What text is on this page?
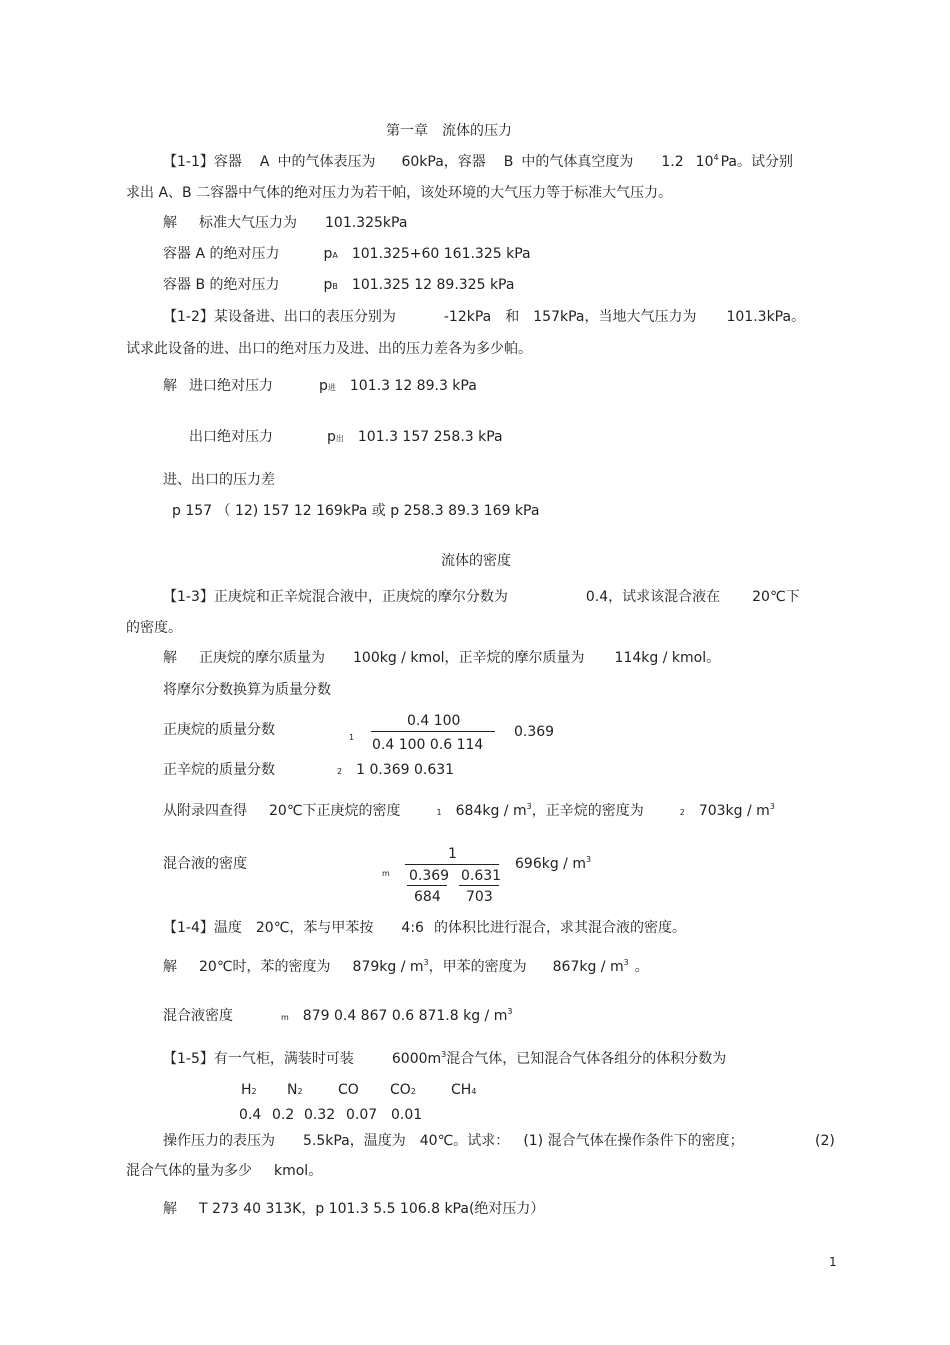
第一章　流体的压力
【1-1】容器 A 中的气体表压为 60kPa，容器 B 中的气体真空度为 1.2 $10^4$ Pa。试分别
求出 A、B 二容器中气体的绝对压力为若干帕，该处环境的大气压力等于标准大气压力。
解 标准大气压力为 101.325kPa
容器 A 的绝对压力	pA 101.325+60 161.325 kPa
容器 B 的绝对压力	pB 101.325 12 89.325 kPa
【1-2】某设备进、出口的表压分别为	-12kPa 和 157kPa，当地大气压力为 101.3kPa。
试求此设备的进、出口的绝对压力及进、出的压力差各为多少帕。
解 进口绝对压力	p进 101.3 12 89.3 kPa
出口绝对压力	p出 101.3 157 258.3 kPa
进、出口的压力差
p 157 （ 12) 157 12 169kPa 或 p 258.3 89.3 169 kPa
流体的密度
【1-3】正庚烷和正辛烷混合液中，正庚烷的摩尔分数为	0.4，试求该混合液在 20℃下
的密度。
解 正庚烷的摩尔质量为 100kg / kmol，正辛烷的摩尔质量为 114kg / kmol。
将摩尔分数换算为质量分数
正庚烷的质量分数	1
0.4 100
0.4 100 0.6 114
0.369
正辛烷的质量分数	2 1 0.369 0.631
从附录四查得 20℃下正庚烷的密度	1 $684kg / m^3$，正辛烷的密度为	2 $703kg / m^3$
混合液的密度
m
1
0.369
684
0.631
703
$696kg / m^3$
【1-4】温度 20℃，苯与甲苯按 4:6 的体积比进行混合，求其混合液的密度。
解 20℃时，苯的密度为 $879kg / m^3$，甲苯的密度为 $867kg / m^3$ 。
混合液密度	m 879 0.4 867 0.6 871.8 kg / $m^3$
【1-5】有一气柜，满装时可装	$6000m^3$混合气体，已知混合气体各组分的体积分数为
H2 N2	CO CO2	CH4
0.4 0.2 0.32 0.07 0.01
操作压力的表压为 5.5kPa，温度为 40℃。试求： (1) 混合气体在操作条件下的密度；	(2)
混合气体的量为多少 kmol。
解 T 273 40 313K，p 101.3 5.5 106.8 kPa(绝对压力）
1
